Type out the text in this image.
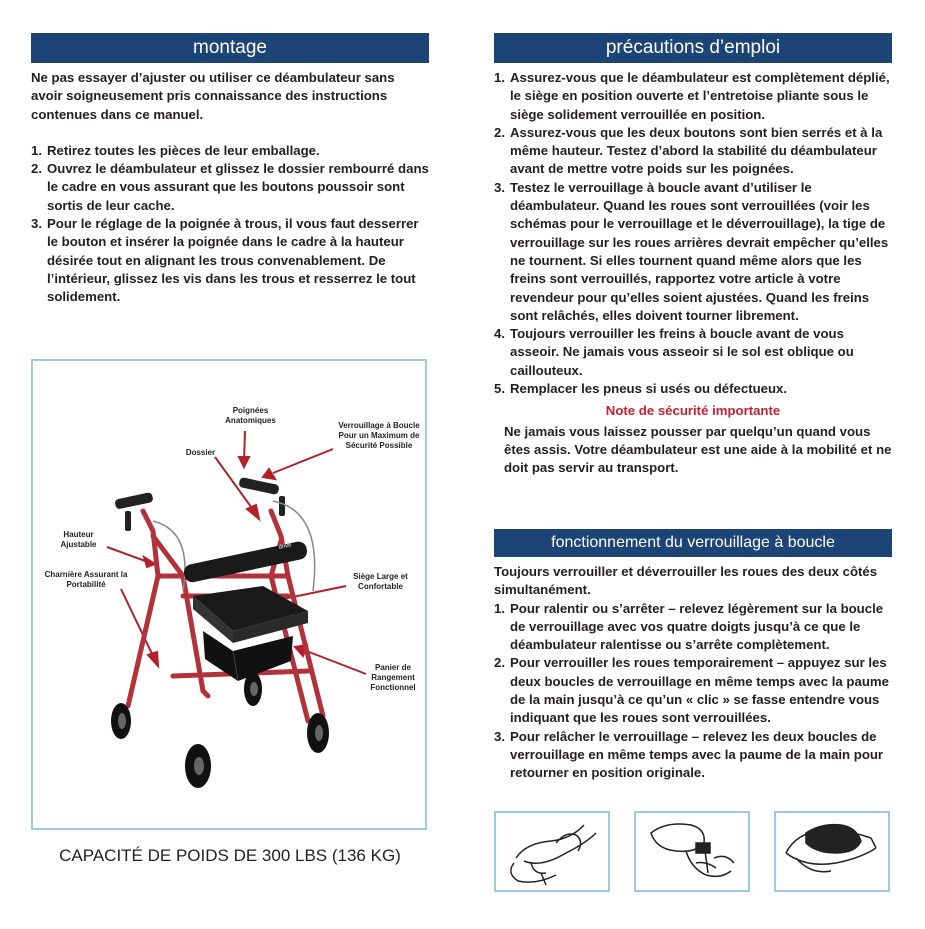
montage

Ne pas essayer d’ajuster ou utiliser ce déambulateur sans avoir soigneusement pris connaissance des instructions contenues dans ce manuel.

1. Retirez toutes les pièces de leur emballage.
2. Ouvrez le déambulateur et glissez le dossier rembourré dans le cadre en vous assurant que les boutons poussoir sont sortis de leur cache.
3. Pour le réglage de la poignée à trous, il vous faut desserrer le bouton et insérer la poignée dans le cadre à la hauteur désirée tout en alignant les trous convenablement. De l’intérieur, glissez les vis dans les trous et resserrez le tout solidement.
drive
Poignées Anatomiques
Verrouillage à Boucle Pour un Maximum de Sécurité Possible
Dossier
Hauteur Ajustable
Charnière Assurant la Portabilité
Siège Large et Confortable
Panier de Rangement Fonctionnel
CAPACITÉ DE POIDS DE 300 LBS (136 KG)
précautions d’emploi
1. Assurez-vous que le déambulateur est complètement déplié, le siège en position ouverte et l’entretoise pliante sous le siège solidement verrouillée en position.
2. Assurez-vous que les deux boutons sont bien serrés et à la même hauteur. Testez d’abord la stabilité du déambulateur avant de mettre votre poids sur les poignées.
3. Testez le verrouillage à boucle avant d’utiliser le déambulateur. Quand les roues sont verrouillées (voir les schémas pour le verrouillage et le déverrouillage), la tige de verrouillage sur les roues arrières devrait empêcher qu’elles ne tournent. Si elles tournent quand même alors que les freins sont verrouillés, rapportez votre article à votre revendeur pour qu’elles soient ajustées. Quand les freins sont relâchés, elles doivent tourner librement.
4. Toujours verrouiller les freins à boucle avant de vous asseoir. Ne jamais vous asseoir si le sol est oblique ou caillouteux.
5. Remplacer les pneus si usés ou défectueux.
Note de sécurité importante

Ne jamais vous laissez pousser par quelqu’un quand vous êtes assis. Votre déambulateur est une aide à la mobilité et ne doit pas servir au transport.

fonctionnement du verrouillage à boucle

Toujours verrouiller et déverrouiller les roues des deux côtés simultanément.

1. Pour ralentir ou s’arrêter – relevez légèrement sur la boucle de verrouillage avec vos quatre doigts jusqu’à ce que le déambulateur ralentisse ou s’arrête complètement.
2. Pour verrouiller les roues temporairement – appuyez sur les deux boucles de verrouillage en même temps avec la paume de la main jusqu’à ce qu’un « clic » se fasse entendre vous indiquant que les roues sont verrouillées.
3. Pour relâcher le verrouillage – relevez les deux boucles de verrouillage en même temps avec la paume de la main pour retourner en position originale.
